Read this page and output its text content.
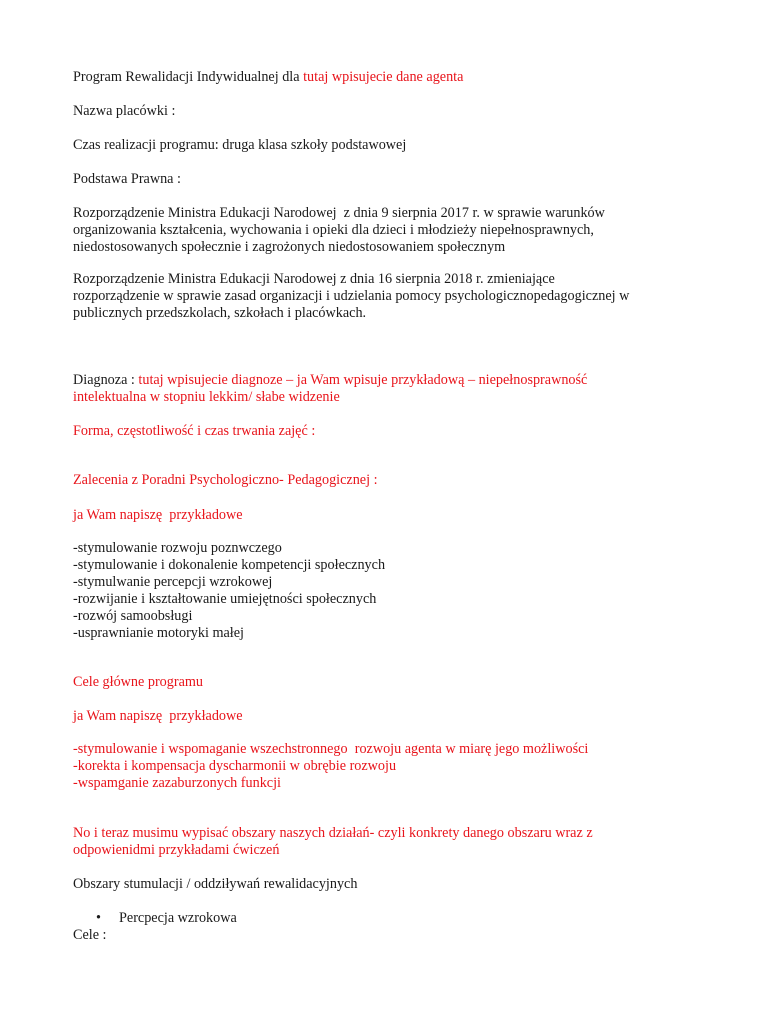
Program Rewalidacji Indywidualnej dla tutaj wpisujecie dane agenta
Nazwa placówki :
Czas realizacji programu: druga klasa szkoły podstawowej
Podstawa Prawna :
Rozporządzenie Ministra Edukacji Narodowej  z dnia 9 sierpnia 2017 r. w sprawie warunków
organizowania kształcenia, wychowania i opieki dla dzieci i młodzieży niepełnosprawnych,
niedostosowanych społecznie i zagrożonych niedostosowaniem społecznym
Rozporządzenie Ministra Edukacji Narodowej z dnia 16 sierpnia 2018 r. zmieniające
rozporządzenie w sprawie zasad organizacji i udzielania pomocy psychologicznopedagogicznej w
publicznych przedszkolach, szkołach i placówkach.
Diagnoza : tutaj wpisujecie diagnoze – ja Wam wpisuje przykładową – niepełnosprawność
intelektualna w stopniu lekkim/ słabe widzenie
Forma, częstotliwość i czas trwania zajęć :
Zalecenia z Poradni Psychologiczno- Pedagogicznej :
ja Wam napiszę  przykładowe
-stymulowanie rozwoju poznwczego
-stymulowanie i dokonalenie kompetencji społecznych
-stymulwanie percepcji wzrokowej
-rozwijanie i kształtowanie umiejętności społecznych
-rozwój samoobsługi
-usprawnianie motoryki małej
Cele główne programu
ja Wam napiszę  przykładowe
-stymulowanie i wspomaganie wszechstronnego  rozwoju agenta w miarę jego możliwości
-korekta i kompensacja dyscharmonii w obrębie rozwoju
-wspamganie zazaburzonych funkcji
No i teraz musimu wypisać obszary naszych działań- czyli konkrety danego obszaru wraz z
odpowienidmi przykładami ćwiczeń
Obszary stumulacji / oddziływań rewalidacyjnych
• Percpecja wzrokowa
Cele :
